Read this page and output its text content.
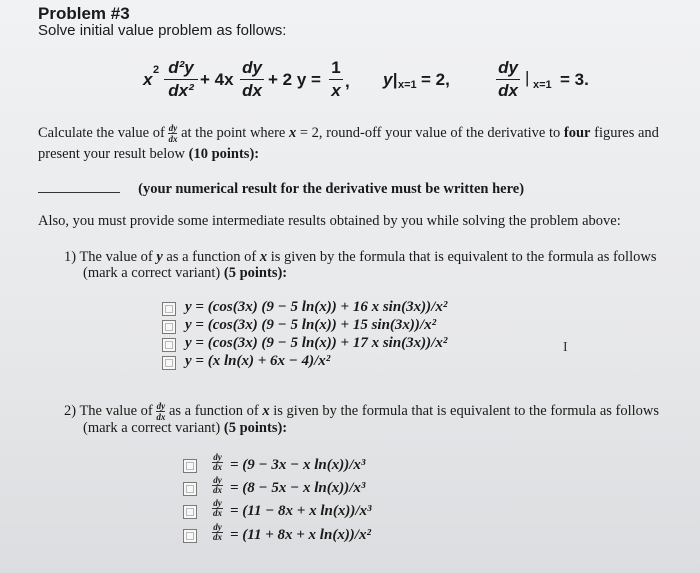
Problem #3
Solve initial value problem as follows:
x 2 d²y
dx²
+ 4x
dy
dx
+ 2 y =
1
x , y| x=1 = 2,
dy
dx
| x=1 = 3.
Calculate the value of $\frac{dy}{dx}$ at the point where x = 2, round-off your value of the derivative to four figures and
present your result below (10 points):
(your numerical result for the derivative must be written here)
Also, you must provide some intermediate results obtained by you while solving the problem above:
1) The value of y as a function of x is given by the formula that is equivalent to the formula as follows
(mark a correct variant) (5 points):
y = (cos(3x) (9 − 5 ln(x)) + 16 x sin(3x))/x²
y = (cos(3x) (9 − 5 ln(x)) + 15 sin(3x))/x²
y = (cos(3x) (9 − 5 ln(x)) + 17 x sin(3x))/x²
y = (x ln(x) + 6x − 4)/x²
I
2) The value of $\frac{dy}{dx}$ as a function of x is given by the formula that is equivalent to the formula as follows
(mark a correct variant) (5 points):
dy
dx = (9 − 3x − x ln(x))/x³
dy
dx = (8 − 5x − x ln(x))/x³
dy
dx = (11 − 8x + x ln(x))/x³
dy
dx = (11 + 8x + x ln(x))/x²
